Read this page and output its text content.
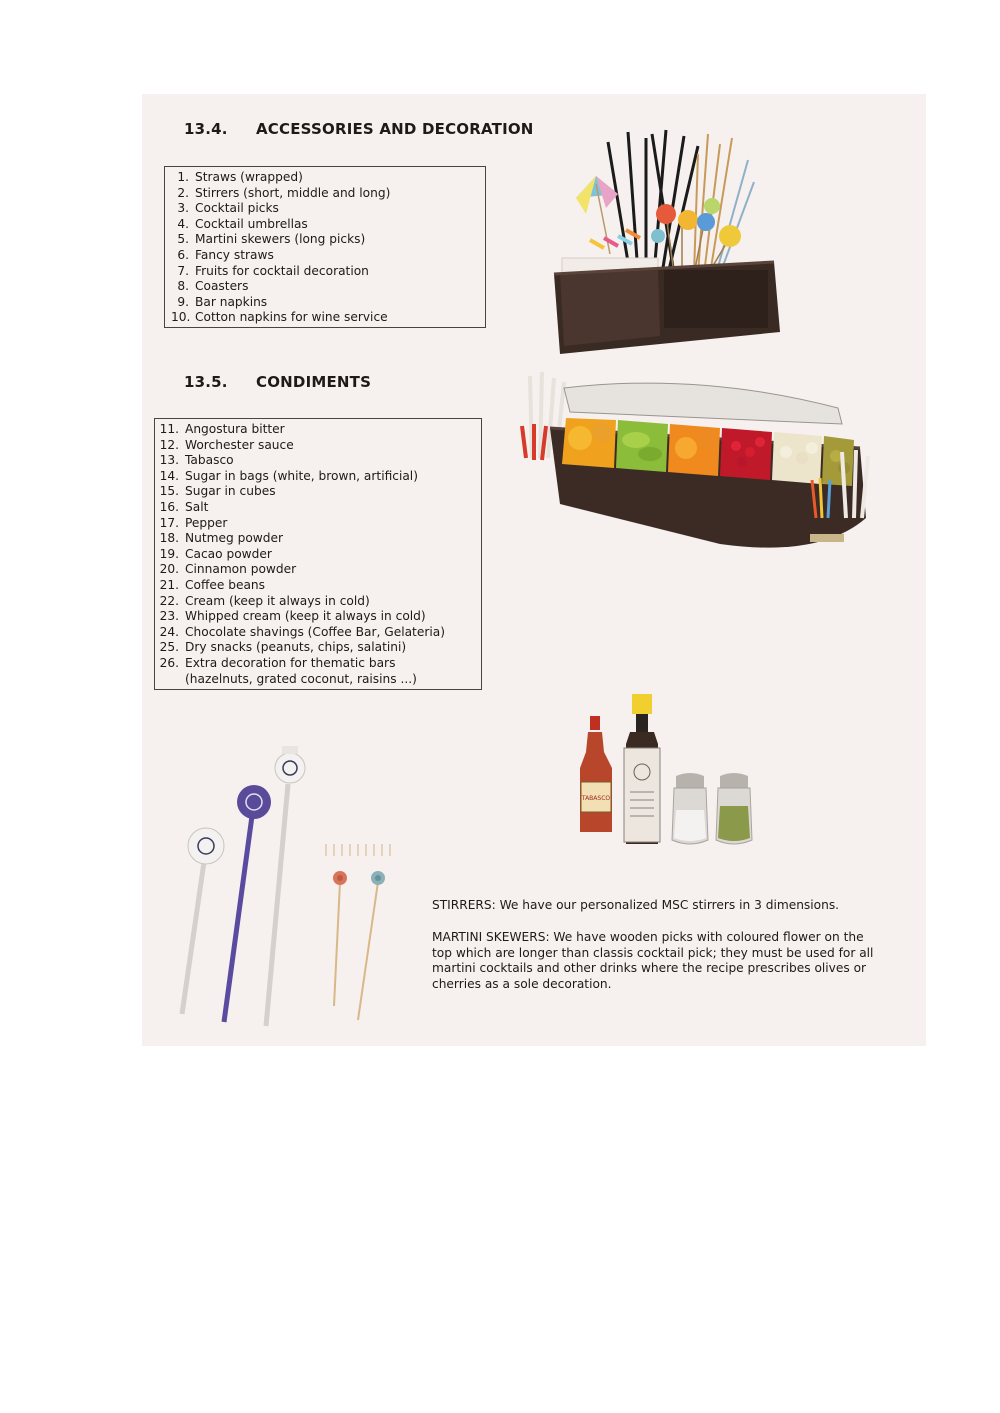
13.4. ACCESSORIES AND DECORATION
1. Straws (wrapped)
2. Stirrers (short, middle and long)
3. Cocktail picks
4. Cocktail umbrellas
5. Martini skewers (long picks)
6. Fancy straws
7. Fruits for cocktail decoration
8. Coasters
9. Bar napkins
10. Cotton napkins for wine service
13.5. CONDIMENTS
11. Angostura bitter
12. Worchester sauce
13. Tabasco
14. Sugar in bags (white, brown, artificial)
15. Sugar in cubes
16. Salt
17. Pepper
18. Nutmeg powder
19. Cacao powder
20. Cinnamon powder
21. Coffee beans
22. Cream (keep it always in cold)
23. Whipped cream (keep it always in cold)
24. Chocolate shavings (Coffee Bar, Gelateria)
25. Dry snacks (peanuts, chips, salatini)
26. Extra decoration for thematic bars (hazelnuts, grated coconut, raisins ...)
TABASCO
STIRRERS: We have our personalized MSC stirrers in 3 dimensions.
MARTINI SKEWERS: We have wooden picks with coloured flower on the top which are longer than classis cocktail pick; they must be used for all martini cocktails and other drinks where the recipe prescribes olives or cherries as a sole decoration.
